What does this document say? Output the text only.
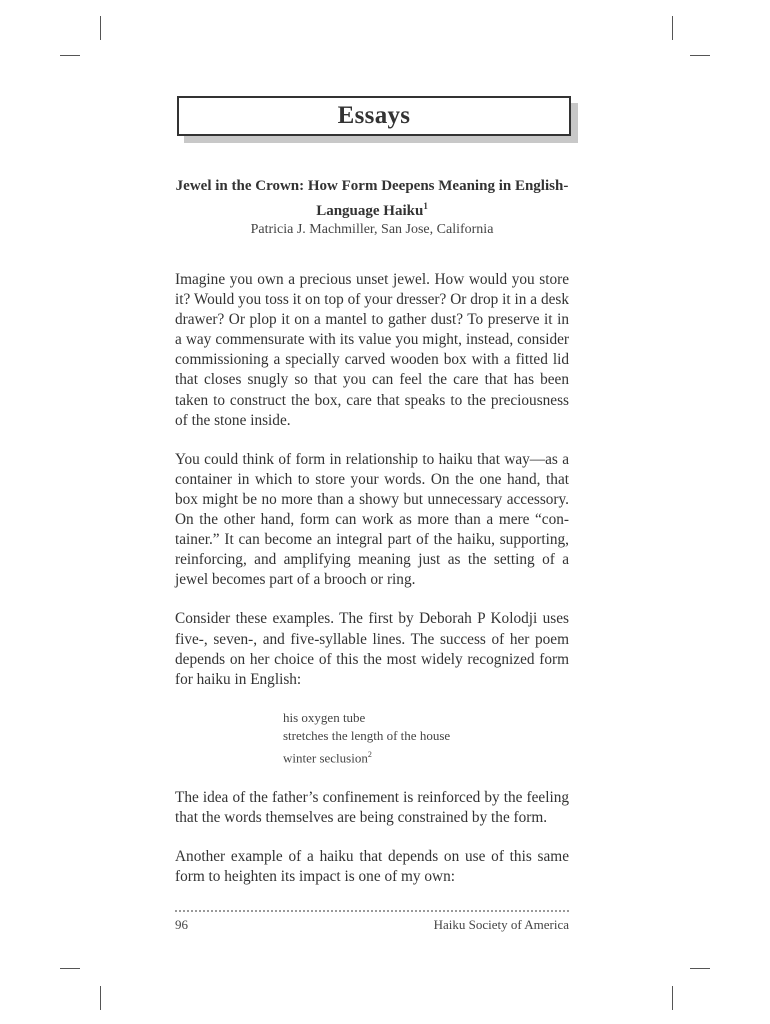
Essays

Jewel in the Crown: How Form Deepens Meaning in English-Language Haiku$^1$

Patricia J. Machmiller, San Jose, California

Imagine you own a precious unset jewel. How would you store it? Would you toss it on top of your dresser? Or drop it in a desk drawer? Or plop it on a mantel to gather dust? To preserve it in a way commensurate with its value you might, instead, consider commissioning a specially carved wooden box with a fitted lid that closes snugly so that you can feel the care that has been taken to construct the box, care that speaks to the preciousness of the stone inside.

You could think of form in relationship to haiku that way—as a container in which to store your words. On the one hand, that box might be no more than a showy but unnecessary accessory. On the other hand, form can work as more than a mere “con-tainer.” It can become an integral part of the haiku, supporting, reinforcing, and amplifying meaning just as the setting of a jewel becomes part of a brooch or ring.

Consider these examples. The first by Deborah P Kolodji uses five-, seven-, and five-syllable lines. The success of her poem depends on her choice of this the most widely recognized form for haiku in English:

his oxygen tube
stretches the length of the house
winter seclusion$^2$

The idea of the father’s confinement is reinforced by the feeling that the words themselves are being constrained by the form.

Another example of a haiku that depends on use of this same form to heighten its impact is one of my own:

96	Haiku Society of America
